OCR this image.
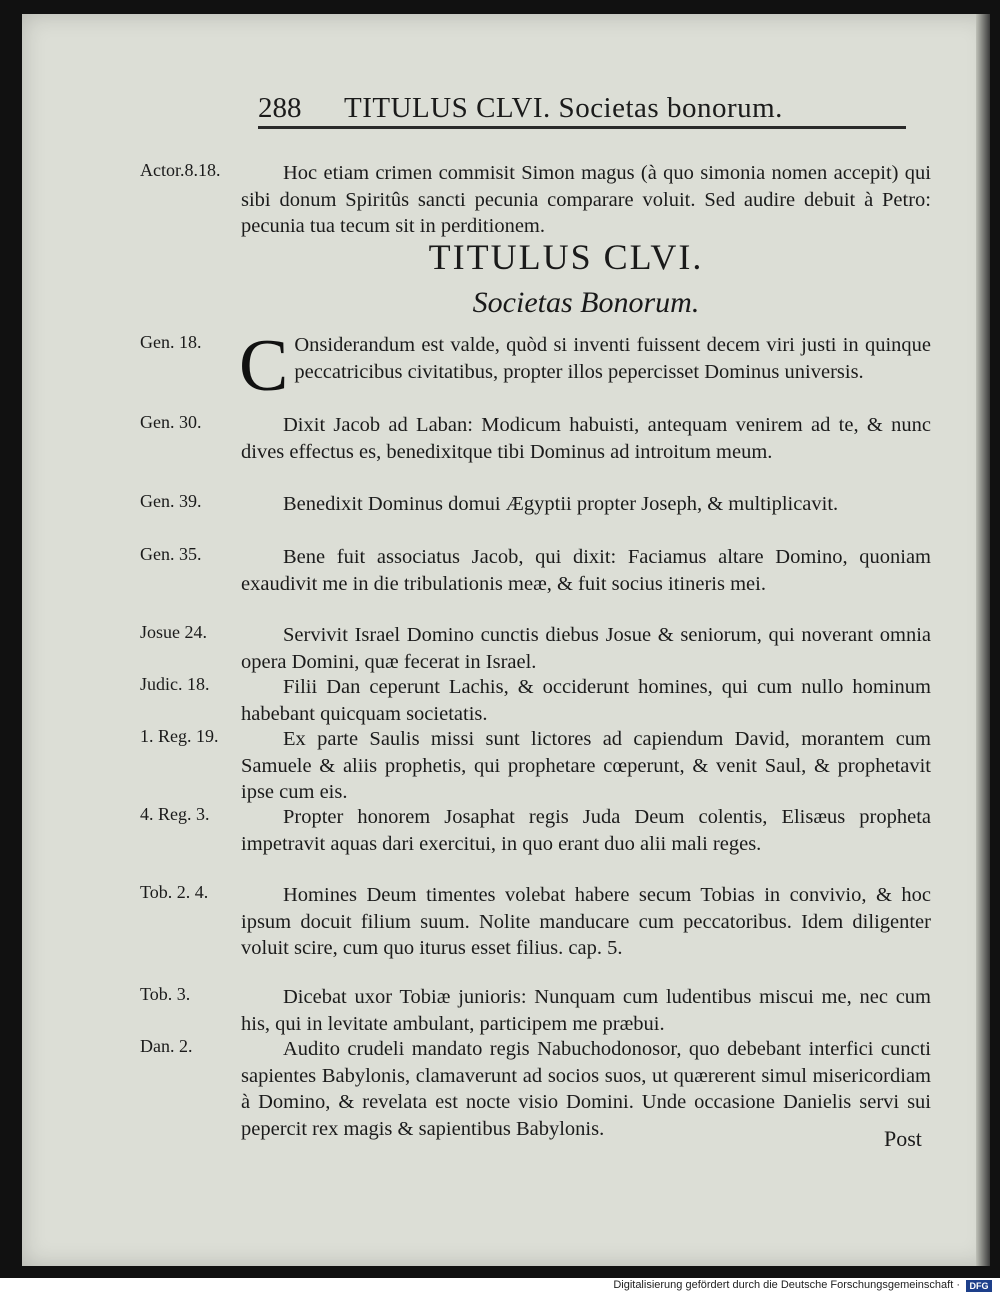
288 TITULUS CLVI. Societas bonorum.
Actor.8.18.	Hoc etiam crimen commisit Simon magus (à quo simonia nomen accepit) qui sibi donum Spiritûs sancti pecunia comparare voluit. Sed audire debuit à Petro: pecunia tua tecum sit in perditionem.
TITULUS CLVI.
Societas Bonorum.
Gen. 18. C Onsiderandum est valde, quòd si inventi fuissent decem viri justi in quinque peccatricibus civitatibus, propter illos pepercisset Dominus universis.
Gen. 30.	Dixit Jacob ad Laban: Modicum habuisti, antequam venirem ad te, & nunc dives effectus es, benedixitque tibi Dominus ad introitum meum.
Gen. 39.	Benedixit Dominus domui Ægyptii propter Joseph, & multiplicavit.
Gen. 35.	Bene fuit associatus Jacob, qui dixit: Faciamus altare Domino, quoniam exaudivit me in die tribulationis meæ, & fuit socius itineris mei.
Josue 24.	Servivit Israel Domino cunctis diebus Josue & seniorum, qui noverant omnia opera Domini, quæ fecerat in Israel.
Judic. 18.	Filii Dan ceperunt Lachis, & occiderunt homines, qui cum nullo hominum habebant quicquam societatis.
1. Reg. 19.	Ex parte Saulis missi sunt lictores ad capiendum David, morantem cum Samuele & aliis prophetis, qui prophetare cœperunt, & venit Saul, & prophetavit ipse cum eis.
4. Reg. 3.	Propter honorem Josaphat regis Juda Deum colentis, Elisæus propheta impetravit aquas dari exercitui, in quo erant duo alii mali reges.
Tob. 2. 4.	Homines Deum timentes volebat habere secum Tobias in convivio, & hoc ipsum docuit filium suum. Nolite manducare cum peccatoribus. Idem diligenter voluit scire, cum quo iturus esset filius. cap. 5.
Tob. 3.	Dicebat uxor Tobiæ junioris: Nunquam cum ludentibus miscui me, nec cum his, qui in levitate ambulant, participem me præbui.
Dan. 2.	Audito crudeli mandato regis Nabuchodonosor, quo debebant interfici cuncti sapientes Babylonis, clamaverunt ad socios suos, ut quærerent simul misericordiam à Domino, & revelata est nocte visio Domini. Unde occasione Danielis servi sui pepercit rex magis & sapientibus Babylonis.	Post
Digitalisierung gefördert durch die Deutsche Forschungsgemeinschaft ·	DFG
